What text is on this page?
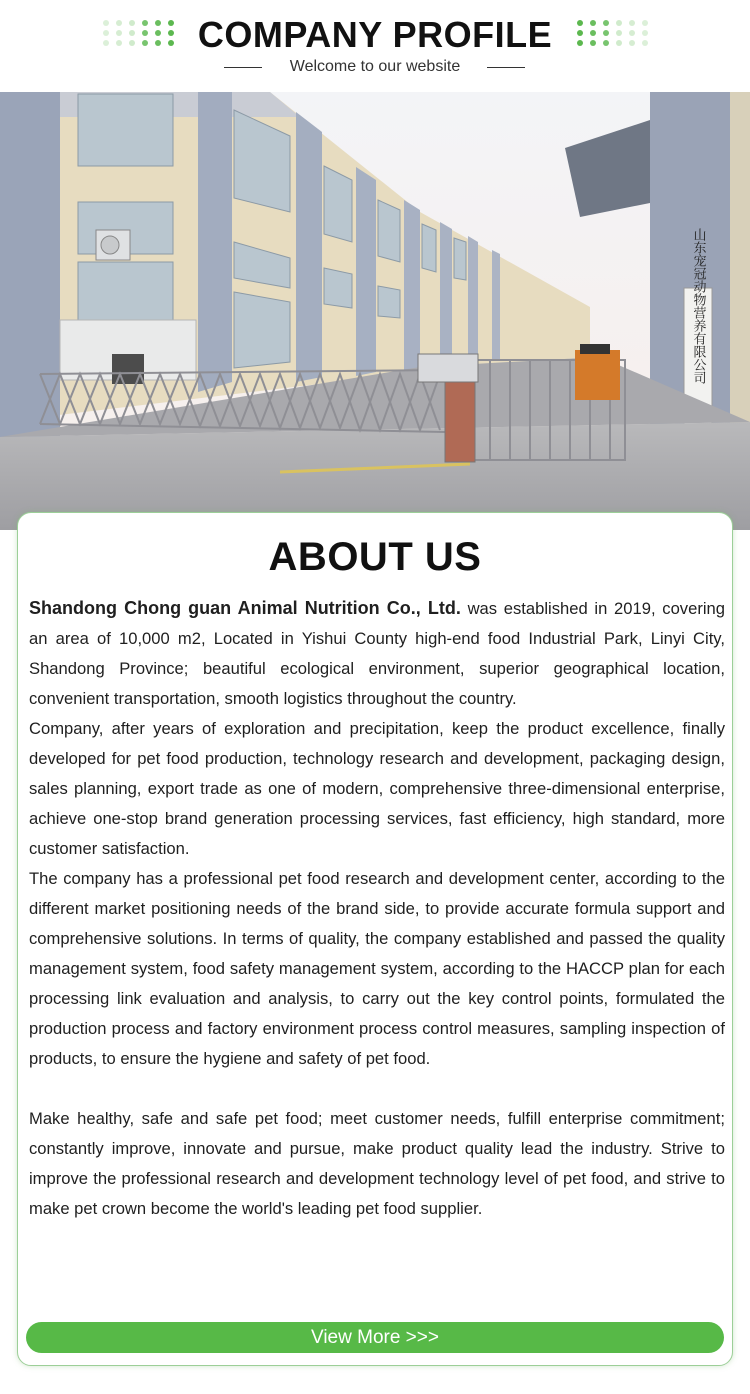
COMPANY PROFILE
Welcome to our website
山东宠冠动物营养有限公司
ABOUT US

Shandong Chong guan Animal Nutrition Co., Ltd. was established in 2019, covering an area of 10,000 m2, Located in Yishui County high-end food Industrial Park, Linyi City, Shandong Province; beautiful ecological environment, superior geographical location, convenient transportation, smooth logistics throughout the country.

Company, after years of exploration and precipitation, keep the product excellence, finally developed for pet food production, technology research and development, packaging design, sales planning, export trade as one of modern, comprehensive three-dimensional enterprise, achieve one-stop brand generation processing services, fast efficiency, high standard, more customer satisfaction.

The company has a professional pet food research and development center, according to the different market positioning needs of the brand side, to provide accurate formula support and comprehensive solutions. In terms of quality, the company established and passed the quality management system, food safety management system, according to the HACCP plan for each processing link evaluation and analysis, to carry out the key control points, formulated the production process and factory environment process control measures, sampling inspection of products, to ensure the hygiene and safety of pet food.

Make healthy, safe and safe pet food; meet customer needs, fulfill enterprise commitment; constantly improve, innovate and pursue, make product quality lead the industry. Strive to improve the professional research and development technology level of pet food, and strive to make pet crown become the world's leading pet food supplier.

View More >>>
